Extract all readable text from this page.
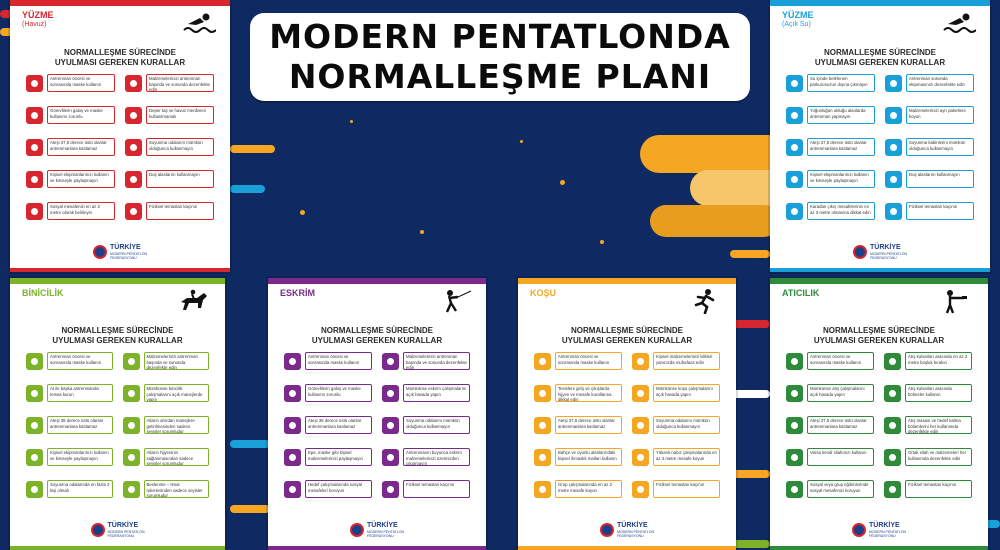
MODERN PENTATLONDA
NORMALLEŞME PLANI
YÜZME
(Havuz)
NORMALLEŞME SÜRECİNDE
UYULMASI GEREKEN KURALLAR
Antrenman öncesi ve sonrasında maske kullanın
Malzemelerinizi antrenman başında ve sonunda dezenfekte edin
Görevlilerin galoş ve maske kullanımı zorunlu
Deper taş ve havuz merdiveni kullanılmamalı
Ateşi 37,8 derece üstü olanlar antrenmanlara katılamaz
Soyunma odalarını mümkün olduğunca kullanmayın
Kişisel ekipmanlarınızı kullanın ve kimseyle paylaşmayın
Duş alanlarını kullanmayın
Sosyal mesafenizi en az 2 metre olarak belirleyin
Fiziksel temastan kaçının
TÜRKİYE
MODERN PENTATLON
FEDERASYONU
YÜZME
(Açık Su)
NORMALLEŞME SÜRECİNDE
UYULMASI GEREKEN KURALLAR
Su içinde belirlenen parkurunuzun dışına çıkmayın
Antrenman sonunda ekipmanınızı dezenfekte edin
Yoğunluğun olduğu alanlarda antrenman yapmayın
Malzemelerinizi ayrı paketlere koyun
Ateşi 37,8 derece üstü olanlar antrenmanlara katılamaz
Soyunma kabinlerini mümkün olduğunca kullanmayın
Kişisel ekipmanlarınızı kullanın ve kimseyle paylaşmayın
Duş alanlarını kullanmayın
Karadan çıkış mesafelerinin en az 3 metre olmasına dikkat edin
Fiziksel temastan kaçının
TÜRKİYE
MODERN PENTATLON
FEDERASYONU
BİNİCİLİK
NORMALLEŞME SÜRECİNDE
UYULMASI GEREKEN KURALLAR
Antrenman öncesi ve sonrasında maske kullanın
Malzemelerinizi antrenman başında ve sonunda dezenfekte edin
At ile başka antrenmanda temas kurun
Mümkünse binicilik çalışmalarını açık manejlerde yapın
Ateşi 38 derece üstü olanlar antrenmanlara katılamaz
Atların ahırdan manejlere getirilmesinden sadece seyisler sorumludur
Kişisel ekipmanlarınızı kullanın ve kimseyle paylaşmayın
Atların hijyeninin sağlanmasından sadece seyisler sorumludur
Soyunma odalarında en fazla 2 kişi olmalı
Beslenme – timar işlemlerinden sadece seyisler sorumludur
TÜRKİYE
MODERN PENTATLON
FEDERASYONU
ESKRİM
NORMALLEŞME SÜRECİNDE
UYULMASI GEREKEN KURALLAR
Antrenman öncesi ve sonrasında maske kullanın
Malzemelerinizi antrenman başında ve sonunda dezenfekte edin
Görevlilerin galoş ve maske kullanımı zorunlu
Mümkünse eskrim çalışmalarını açık havada yapın
Ateşi 38 derece üstü olanlar antrenmanlara katılamaz
Soyunma odalarını mümkün olduğunca kullanmayın
Epe, maske gibi kişisel malzemelerinizi paylaşmayın
Antrenmanın boyunca eskrim malzemelerinizi üzerinizden çıkarmayın
Hedef çalışmalarında sosyal mesafeleri koruyun
Fiziksel temastan kaçının
TÜRKİYE
MODERN PENTATLON
FEDERASYONU
KOŞU
NORMALLEŞME SÜRECİNDE
UYULMASI GEREKEN KURALLAR
Antrenman öncesi ve sonrasında maske kullanın
Kişisel malzemelerinizi kilitleri yanınızda muhafaza edin
Tesislere giriş ve çıkışlarda hijyen ve mesafe kurallarına dikkat edin
Mümkünse koşu çalışmalarını açık havada yapın
Ateşi 37,8 derece üstü olanlar antrenmanlara katılamaz
Soyunma odalarını mümkün olduğunca kullanmayın
Bahçe ve oyunlu alanlarındaki kişisel ihmaslık malları kullanın
Yüksek nabız çalışmalarında en az 3 metre mesafe koyun
Grup çalışmalarında en az 2 metre mesafe koyun
Fiziksel temastan kaçının
TÜRKİYE
MODERN PENTATLON
FEDERASYONU
ATICILIK
NORMALLEŞME SÜRECİNDE
UYULMASI GEREKEN KURALLAR
Antrenman öncesi ve sonrasında maske kullanın
Atış kulvarları arasında en az 2 metre boşluk bırakın
Mümkünse atış çalışmalarını açık havada yapın
Atış kulvarları arasında bölmeler kullanın
Ateşi 37,8 derece üstü olanlar antrenmanlara katılamaz
Atış masası ve hedef kalma bölümlerini her kullanımda dezenfekte edin
Varsa kendi silahınızı kullanın	Ortak silah ve malzemeleri her kullanımda dezenfekte edin
Sosyal veya grup eğitimlerinde sosyal mesafenizi koruyun
Fiziksel temastan kaçının
TÜRKİYE
MODERN PENTATLON
FEDERASYONU
